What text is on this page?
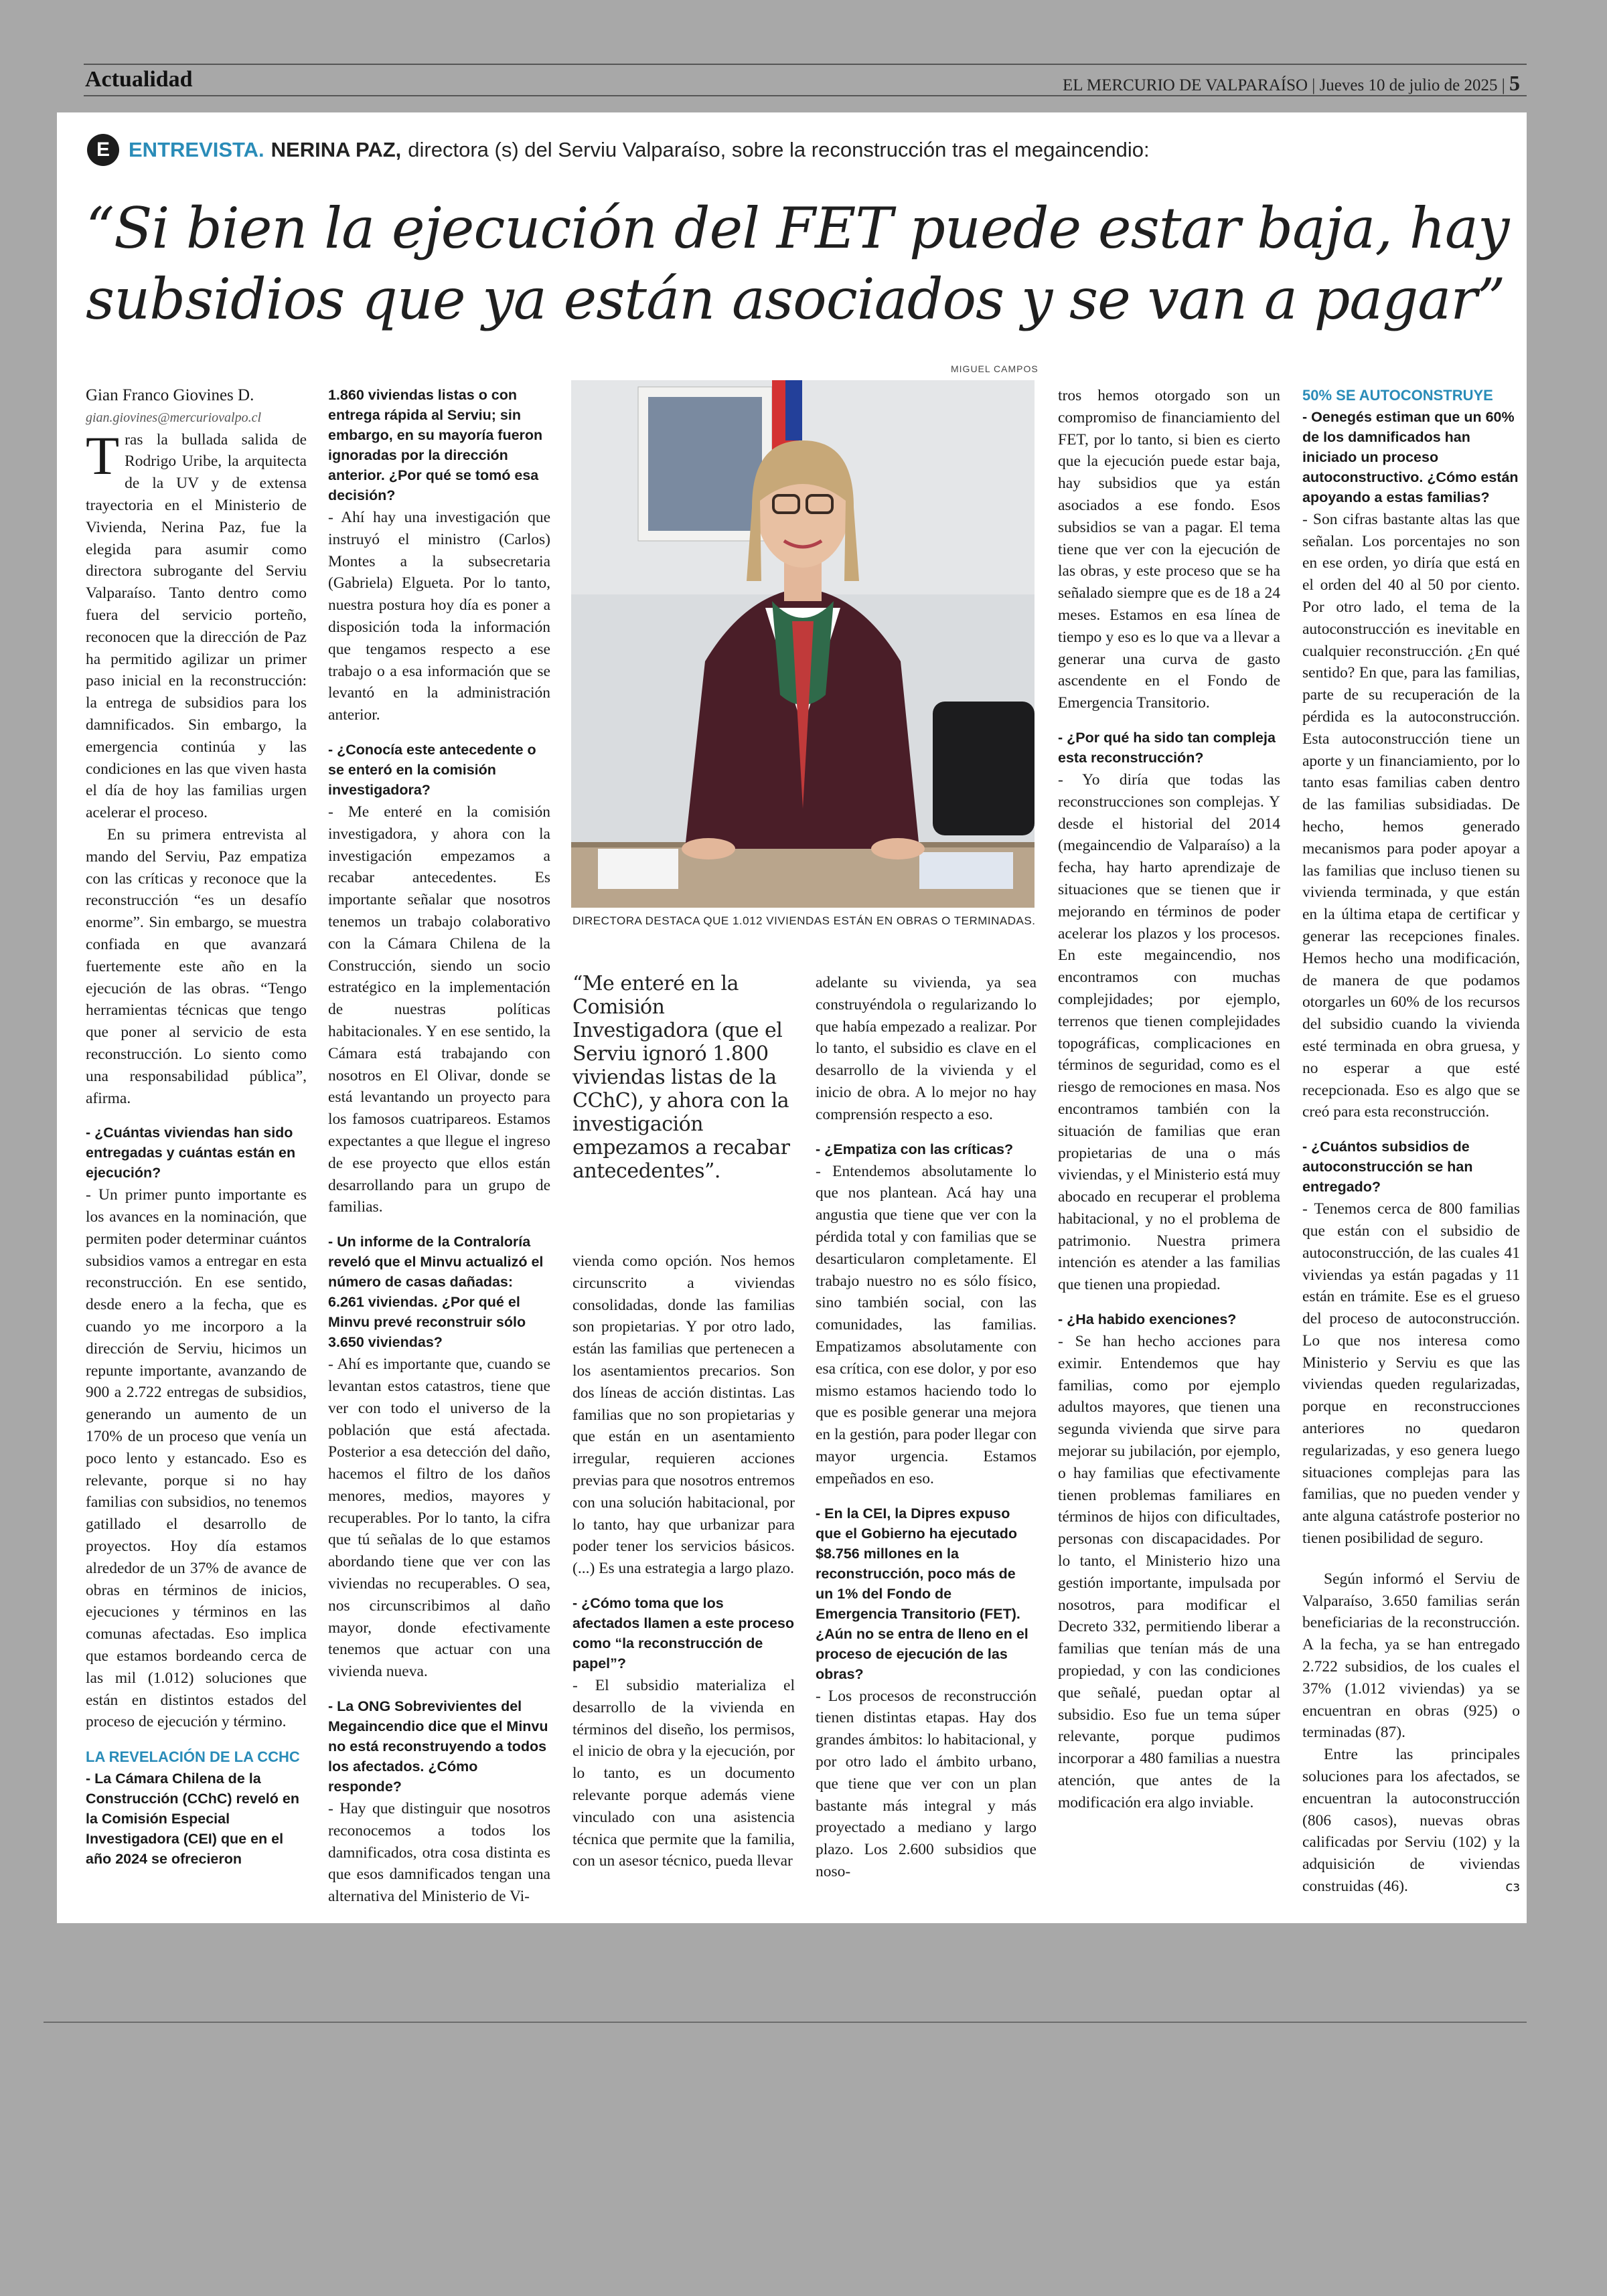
Actualidad	EL MERCURIO DE VALPARAÍSO | Jueves 10 de julio de 2025 | 5
E ENTREVISTA. NERINA PAZ, directora (s) del Serviu Valparaíso, sobre la reconstrucción tras el megaincendio:
“Si bien la ejecución del FET puede estar baja, hay subsidios que ya están asociados y se van a pagar”
MIGUEL CAMPOS
DIRECTORA DESTACA QUE 1.012 VIVIENDAS ESTÁN EN OBRAS O TERMINADAS.

Gian Franco Giovines D.

gian.giovines@mercuriovalpo.cl

Tras la bullada salida de Rodrigo Uribe, la arquitecta de la UV y de extensa trayectoria en el Ministerio de Vivienda, Nerina Paz, fue la elegida para asumir como directora subrogante del Serviu Valparaíso. Tanto dentro como fuera del servicio porteño, reconocen que la dirección de Paz ha permitido agilizar un primer paso inicial en la reconstrucción: la entrega de subsidios para los damnificados. Sin embargo, la emergencia continúa y las condiciones en las que viven hasta el día de hoy las familias urgen acelerar el proceso.

En su primera entrevista al mando del Serviu, Paz empatiza con las críticas y reconoce que la reconstrucción “es un desafío enorme”. Sin embargo, se muestra confiada en que avanzará fuertemente este año en la ejecución de las obras. “Tengo herramientas técnicas que tengo que poner al servicio de esta reconstrucción. Lo siento como una responsabilidad pública”, afirma.

- ¿Cuántas viviendas han sido entregadas y cuántas están en ejecución?

- Un primer punto importante es los avances en la nominación, que permiten poder determinar cuántos subsidios vamos a entregar en esta reconstrucción. En ese sentido, desde enero a la fecha, que es cuando yo me incorporo a la dirección de Serviu, hicimos un repunte importante, avanzando de 900 a 2.722 entregas de subsidios, generando un aumento de un 170% de un proceso que venía un poco lento y estancado. Eso es relevante, porque si no hay familias con subsidios, no tenemos gatillado el desarrollo de proyectos. Hoy día estamos alrededor de un 37% de avance de obras en términos de inicios, ejecuciones y términos en las comunas afectadas. Eso implica que estamos bordeando cerca de las mil (1.012) soluciones que están en distintos estados del proceso de ejecución y término.

LA REVELACIÓN DE LA CCHC

- La Cámara Chilena de la Construcción (CChC) reveló en la Comisión Especial Investigadora (CEI) que en el año 2024 se ofrecieron

1.860 viviendas listas o con entrega rápida al Serviu; sin embargo, en su mayoría fueron ignoradas por la dirección anterior. ¿Por qué se tomó esa decisión?

- Ahí hay una investigación que instruyó el ministro (Carlos) Montes a la subsecretaria (Gabriela) Elgueta. Por lo tanto, nuestra postura hoy día es poner a disposición toda la información que tengamos respecto a ese trabajo o a esa información que se levantó en la administración anterior.

- ¿Conocía este antecedente o se enteró en la comisión investigadora?

- Me enteré en la comisión investigadora, y ahora con la investigación empezamos a recabar antecedentes. Es importante señalar que nosotros tenemos un trabajo colaborativo con la Cámara Chilena de la Construcción, siendo un socio estratégico en la implementación de nuestras políticas habitacionales. Y en ese sentido, la Cámara está trabajando con nosotros en El Olivar, donde se está levantando un proyecto para los famosos cuatripareos. Estamos expectantes a que llegue el ingreso de ese proyecto que ellos están desarrollando para un grupo de familias.

- Un informe de la Contraloría reveló que el Minvu actualizó el número de casas dañadas: 6.261 viviendas. ¿Por qué el Minvu prevé reconstruir sólo 3.650 viviendas?

- Ahí es importante que, cuando se levantan estos catastros, tiene que ver con todo el universo de la población que está afectada. Posterior a esa detección del daño, hacemos el filtro de los daños menores, medios, mayores y recuperables. Por lo tanto, la cifra que tú señalas de lo que estamos abordando tiene que ver con las viviendas no recuperables. O sea, nos circunscribimos al daño mayor, donde efectivamente tenemos que actuar con una vivienda nueva.

- La ONG Sobrevivientes del Megaincendio dice que el Minvu no está reconstruyendo a todos los afectados. ¿Cómo responde?

- Hay que distinguir que nosotros reconocemos a todos los damnificados, otra cosa distinta es que esos damnificados tengan una alternativa del Ministerio de Vi-

“Me enteré en la Comisión Investigadora (que el Serviu ignoró 1.800 viviendas listas de la CChC), y ahora con la investigación empezamos a recabar antecedentes”.

vienda como opción. Nos hemos circunscrito a viviendas consolidadas, donde las familias son propietarias. Y por otro lado, están las familias que pertenecen a los asentamientos precarios. Son dos líneas de acción distintas. Las familias que no son propietarias y que están en un asentamiento irregular, requieren acciones previas para que nosotros entremos con una solución habitacional, por lo tanto, hay que urbanizar para poder tener los servicios básicos. (...) Es una estrategia a largo plazo.

- ¿Cómo toma que los afectados llamen a este proceso como “la reconstrucción de papel”?

- El subsidio materializa el desarrollo de la vivienda en términos del diseño, los permisos, el inicio de obra y la ejecución, por lo tanto, es un documento relevante porque además viene vinculado con una asistencia técnica que permite que la familia, con un asesor técnico, pueda llevar

adelante su vivienda, ya sea construyéndola o regularizando lo que había empezado a realizar. Por lo tanto, el subsidio es clave en el desarrollo de la vivienda y el inicio de obra. A lo mejor no hay comprensión respecto a eso.

- ¿Empatiza con las críticas?

- Entendemos absolutamente lo que nos plantean. Acá hay una angustia que tiene que ver con la pérdida total y con familias que se desarticularon completamente. El trabajo nuestro no es sólo físico, sino también social, con las comunidades, las familias. Empatizamos absolutamente con esa crítica, con ese dolor, y por eso mismo estamos haciendo todo lo que es posible generar una mejora en la gestión, para poder llegar con mayor urgencia. Estamos empeñados en eso.

- En la CEI, la Dipres expuso que el Gobierno ha ejecutado $8.756 millones en la reconstrucción, poco más de un 1% del Fondo de Emergencia Transitorio (FET). ¿Aún no se entra de lleno en el proceso de ejecución de las obras?

- Los procesos de reconstrucción tienen distintas etapas. Hay dos grandes ámbitos: lo habitacional, y por otro lado el ámbito urbano, que tiene que ver con un plan bastante más integral y más proyectado a mediano y largo plazo. Los 2.600 subsidios que noso-

tros hemos otorgado son un compromiso de financiamiento del FET, por lo tanto, si bien es cierto que la ejecución puede estar baja, hay subsidios que ya están asociados a ese fondo. Esos subsidios se van a pagar. El tema tiene que ver con la ejecución de las obras, y este proceso que se ha señalado siempre que es de 18 a 24 meses. Estamos en esa línea de tiempo y eso es lo que va a llevar a generar una curva de gasto ascendente en el Fondo de Emergencia Transitorio.

- ¿Por qué ha sido tan compleja esta reconstrucción?

- Yo diría que todas las reconstrucciones son complejas. Y desde el historial del 2014 (megaincendio de Valparaíso) a la fecha, hay harto aprendizaje de situaciones que se tienen que ir mejorando en términos de poder acelerar los plazos y los procesos. En este megaincendio, nos encontramos con muchas complejidades; por ejemplo, terrenos que tienen complejidades topográficas, complicaciones en términos de seguridad, como es el riesgo de remociones en masa. Nos encontramos también con la situación de familias que eran propietarias de una o más viviendas, y el Ministerio está muy abocado en recuperar el problema habitacional, y no el problema de patrimonio. Nuestra primera intención es atender a las familias que tienen una propiedad.

- ¿Ha habido exenciones?

- Se han hecho acciones para eximir. Entendemos que hay familias, como por ejemplo adultos mayores, que tienen una segunda vivienda que sirve para mejorar su jubilación, por ejemplo, o hay familias que efectivamente tienen problemas familiares en términos de hijos con dificultades, personas con discapacidades. Por lo tanto, el Ministerio hizo una gestión importante, impulsada por nosotros, para modificar el Decreto 332, permitiendo liberar a familias que tenían más de una propiedad, y con las condiciones que señalé, puedan optar al subsidio. Eso fue un tema súper relevante, porque pudimos incorporar a 480 familias a nuestra atención, que antes de la modificación era algo inviable.

50% SE AUTOCONSTRUYE

- Oenegés estiman que un 60% de los damnificados han iniciado un proceso autoconstructivo. ¿Cómo están apoyando a estas familias?

- Son cifras bastante altas las que señalan. Los porcentajes no son en ese orden, yo diría que está en el orden del 40 al 50 por ciento. Por otro lado, el tema de la autoconstrucción es inevitable en cualquier reconstrucción. ¿En qué sentido? En que, para las familias, parte de su recuperación de la pérdida es la autoconstrucción. Esta autoconstrucción tiene un aporte y un financiamiento, por lo tanto esas familias caben dentro de las familias subsidiadas. De hecho, hemos generado mecanismos para poder apoyar a las familias que incluso tienen su vivienda terminada, y que están en la última etapa de certificar y generar las recepciones finales. Hemos hecho una modificación, de manera de que podamos otorgarles un 60% de los recursos del subsidio cuando la vivienda esté terminada en obra gruesa, y no esperar a que esté recepcionada. Eso es algo que se creó para esta reconstrucción.

- ¿Cuántos subsidios de autoconstrucción se han entregado?

- Tenemos cerca de 800 familias que están con el subsidio de autoconstrucción, de las cuales 41 viviendas ya están pagadas y 11 están en trámite. Ese es el grueso del proceso de autoconstrucción. Lo que nos interesa como Ministerio y Serviu es que las viviendas queden regularizadas, porque en reconstrucciones anteriores no quedaron regularizadas, y eso genera luego situaciones complejas para las familias, que no pueden vender y ante alguna catástrofe posterior no tienen posibilidad de seguro.

Según informó el Serviu de Valparaíso, 3.650 familias serán beneficiarias de la reconstrucción. A la fecha, ya se han entregado 2.722 subsidios, de los cuales el 37% (1.012 viviendas) ya se encuentran en obras (925) o terminadas (87).

Entre las principales soluciones para los afectados, se encuentran la autoconstrucción (806 casos), nuevas obras calificadas por Serviu (102) y la adquisición de viviendas construidas (46).	cɜ
